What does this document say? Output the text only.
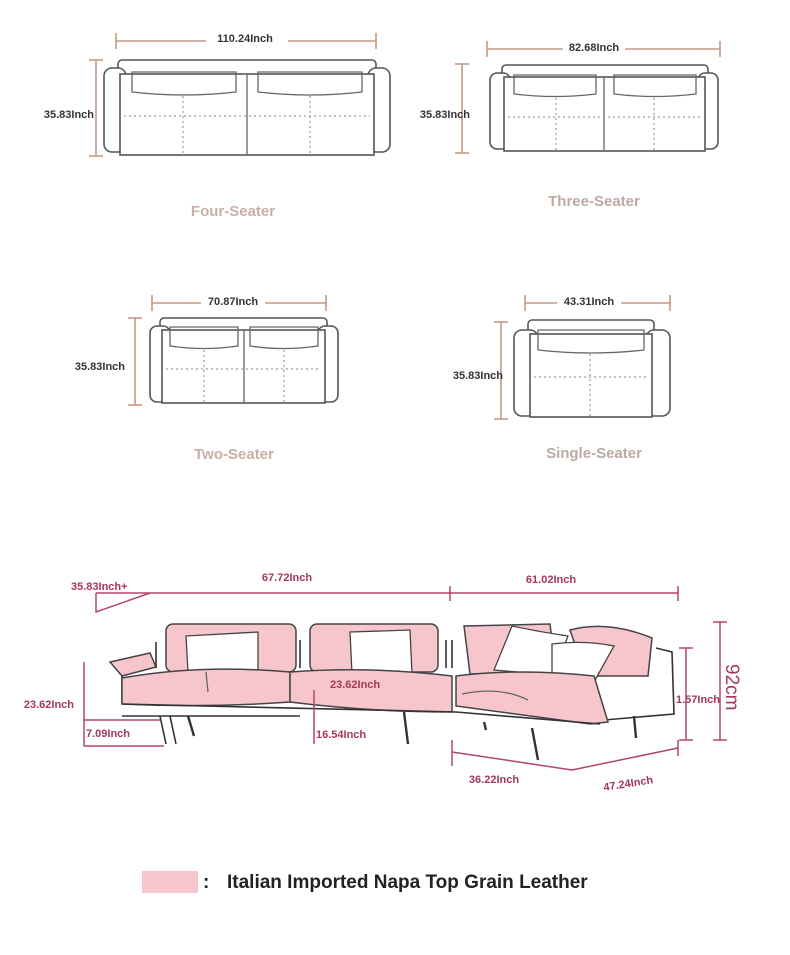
110.24Inch
35.83Inch
Four-Seater
82.68Inch
35.83Inch
Three-Seater
70.87Inch
35.83Inch
Two-Seater
43.31Inch
35.83Inch
Single-Seater
35.83Inch+
67.72Inch	61.02Inch
23.62Inch
7.09Inch
23.62Inch
16.54Inch
1.57Inch 92cm
36.22Inch	47.24Inch
: Italian Imported Napa Top Grain Leather
